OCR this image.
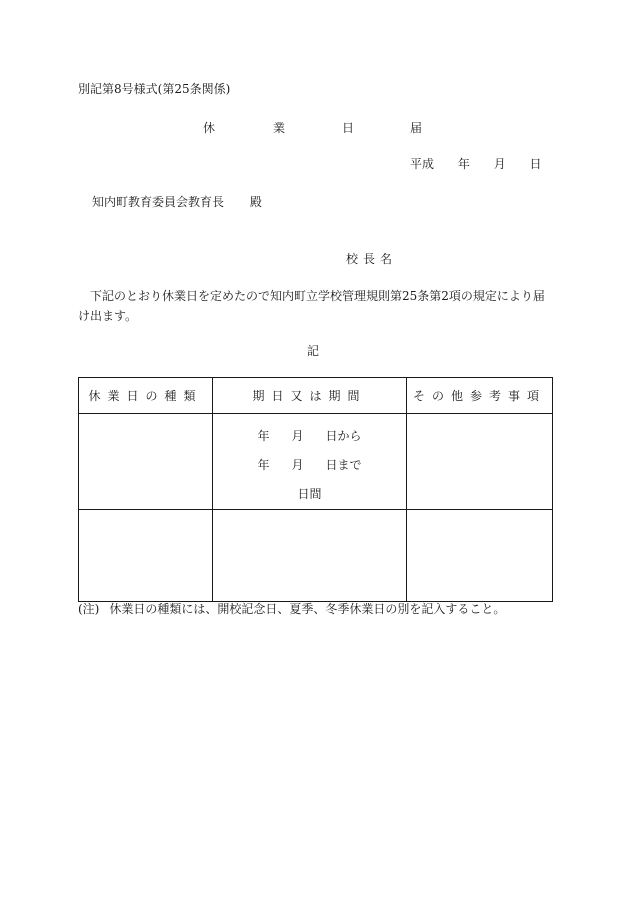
別記第8号様式(第25条関係)
休	業	日	届
平成 年 月 日
知内町教育委員会教育長 殿
校長名
下記のとおり休業日を定めたので知内町立学校管理規則第25条第2項の規定により届け出ます。
記
休業日の種類	期日又は期間	その他参考事項

	年 月 日から
年 月 日まで
日間	

(注) 休業日の種類には、開校記念日、夏季、冬季休業日の別を記入すること。
